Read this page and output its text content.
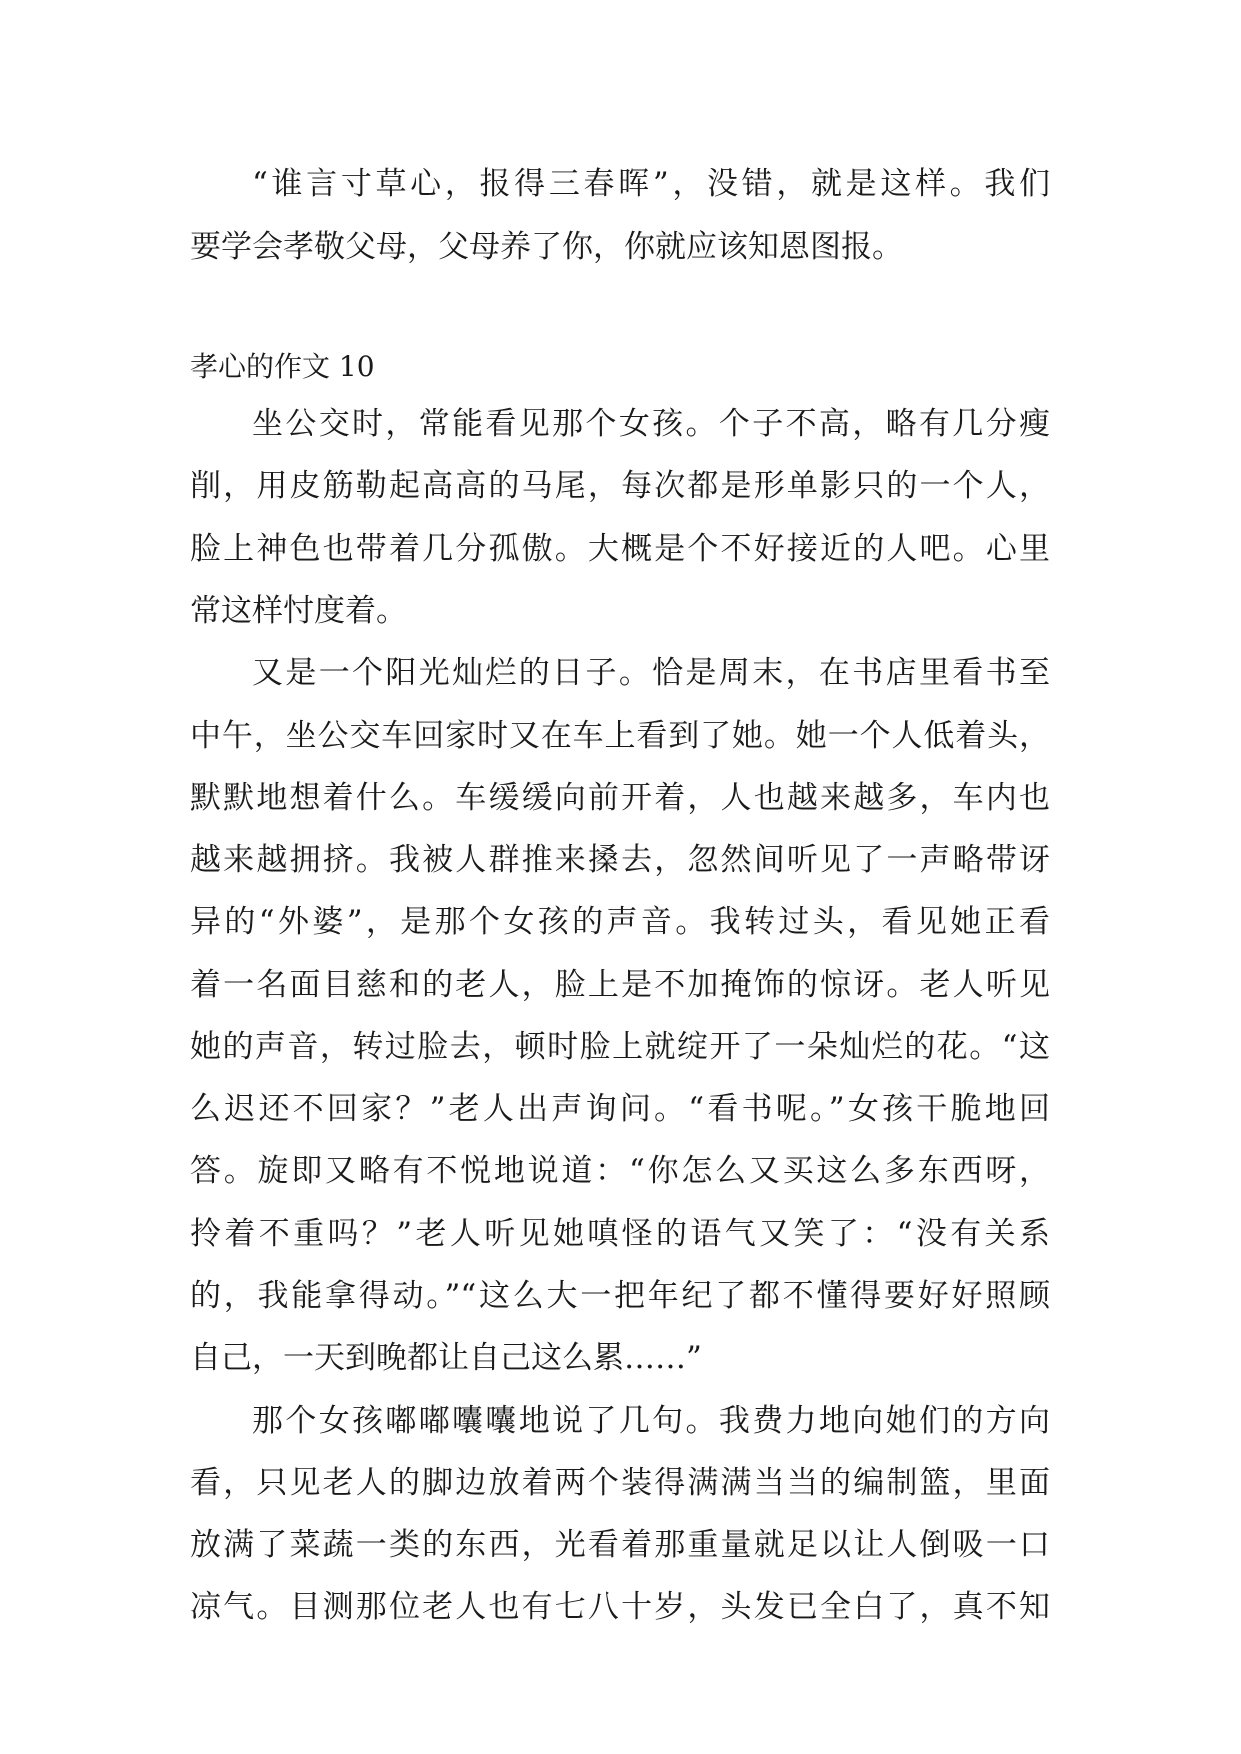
“谁言寸草心，报得三春晖”，没错，就是这样。我们
要学会孝敬父母，父母养了你，你就应该知恩图报。
孝心的作文 10
坐公交时，常能看见那个女孩。个子不高，略有几分瘦
削，用皮筋勒起高高的马尾，每次都是形单影只的一个人，
脸上神色也带着几分孤傲。大概是个不好接近的人吧。心里
常这样忖度着。
又是一个阳光灿烂的日子。恰是周末，在书店里看书至
中午，坐公交车回家时又在车上看到了她。她一个人低着头，
默默地想着什么。车缓缓向前开着，人也越来越多，车内也
越来越拥挤。我被人群推来搡去，忽然间听见了一声略带讶
异的“外婆”，是那个女孩的声音。我转过头，看见她正看
着一名面目慈和的老人，脸上是不加掩饰的惊讶。老人听见
她的声音，转过脸去，顿时脸上就绽开了一朵灿烂的花。“这
么迟还不回家？”老人出声询问。“看书呢。”女孩干脆地回
答。旋即又略有不悦地说道：“你怎么又买这么多东西呀，
拎着不重吗？”老人听见她嗔怪的语气又笑了：“没有关系
的，我能拿得动。”“这么大一把年纪了都不懂得要好好照顾
自己，一天到晚都让自己这么累……”
那个女孩嘟嘟囔囔地说了几句。我费力地向她们的方向
看，只见老人的脚边放着两个装得满满当当的编制篮，里面
放满了菜蔬一类的东西，光看着那重量就足以让人倒吸一口
凉气。目测那位老人也有七八十岁，头发已全白了，真不知
